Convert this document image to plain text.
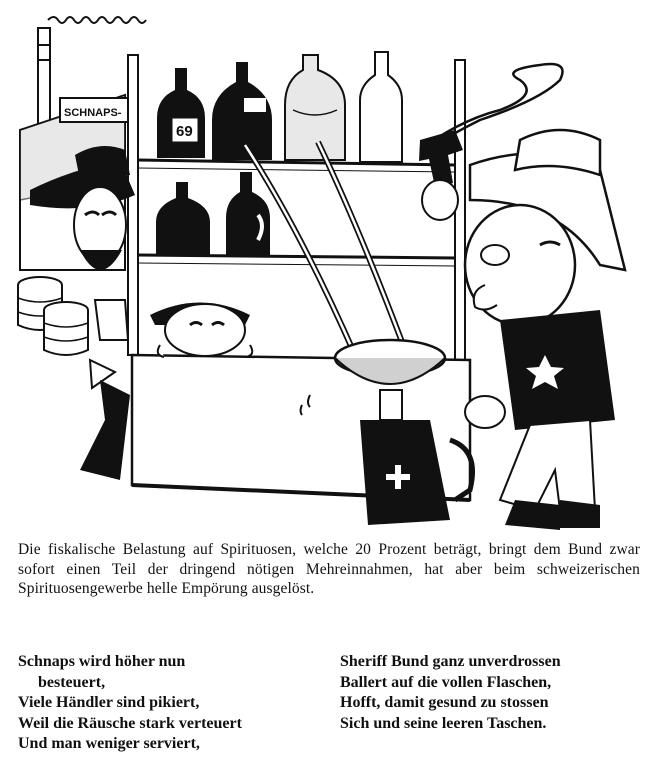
SCHNAPS-
69
Die fiskalische Belastung auf Spirituosen, welche 20 Prozent beträgt, bringt dem Bund zwar sofort einen Teil der dringend nötigen Mehreinnahmen, hat aber beim schweizerischen Spirituosengewerbe helle Empörung ausgelöst.
Schnaps wird höher nun
besteuert,
Viele Händler sind pikiert,
Weil die Räusche stark verteuert
Und man weniger serviert,
Sheriff Bund ganz unverdrossen
Ballert auf die vollen Flaschen,
Hofft, damit gesund zu stossen
Sich und seine leeren Taschen.
